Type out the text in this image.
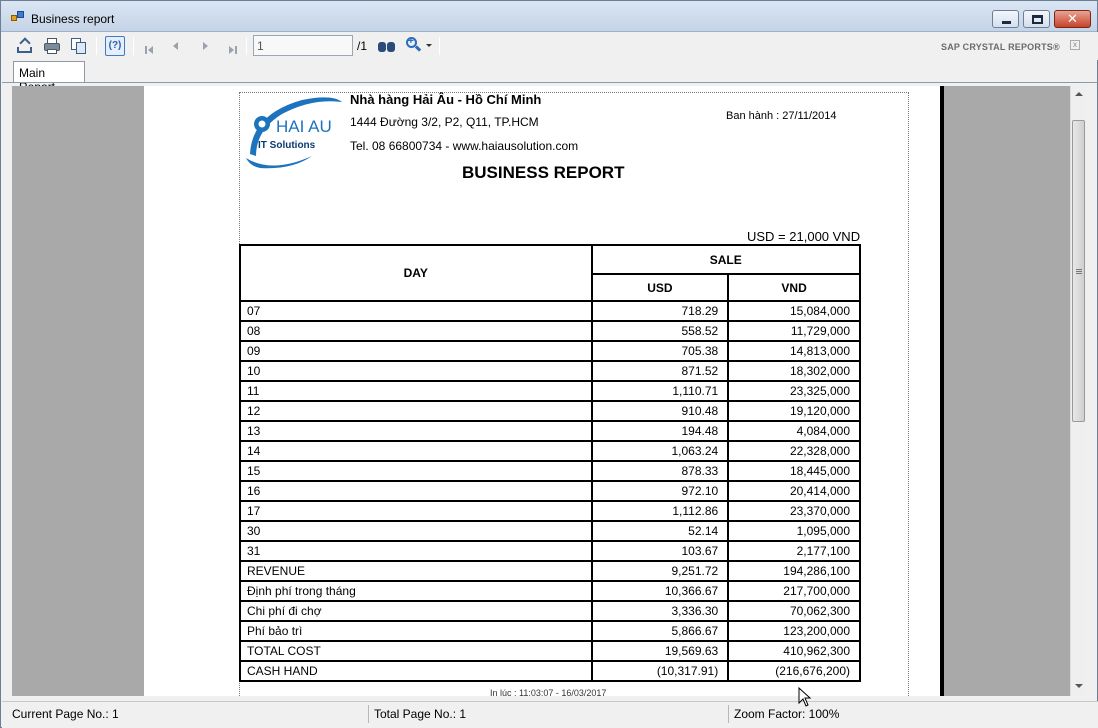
Business report	✕
(?)
1	/1	+	SAP CRYSTAL REPORTS®	x
Main
HAI AU
IT Solutions
Nhà hàng Hải Âu - Hồ Chí Minh
1444 Đường 3/2, P2, Q11, TP.HCM
Tel. 08 66800734 - www.haiausolution.com
Ban hành : 27/11/2014
BUSINESS REPORT
USD = 21,000 VND
DAY	SALE	
	USD	VND
07	718.29	15,084,000
08	558.52	11,729,000
09	705.38	14,813,000
10	871.52	18,302,000
11	1,110.71	23,325,000
12	910.48	19,120,000
13	194.48	4,084,000
14	1,063.24	22,328,000
15	878.33	18,445,000
16	972.10	20,414,000
17	1,112.86	23,370,000
30	52.14	1,095,000
31	103.67	2,177,100
REVENUE	9,251.72	194,286,100
Định phí trong tháng	10,366.67	217,700,000
Chi phí đi chợ	3,336.30	70,062,300
Phí bảo trì	5,866.67	123,200,000
TOTAL COST	19,569.63	410,962,300
CASH HAND	(10,317.91)	(216,676,200)
In lúc : 11:03:07 - 16/03/2017
Current Page No.: 1	Total Page No.: 1	Zoom Factor: 100%
